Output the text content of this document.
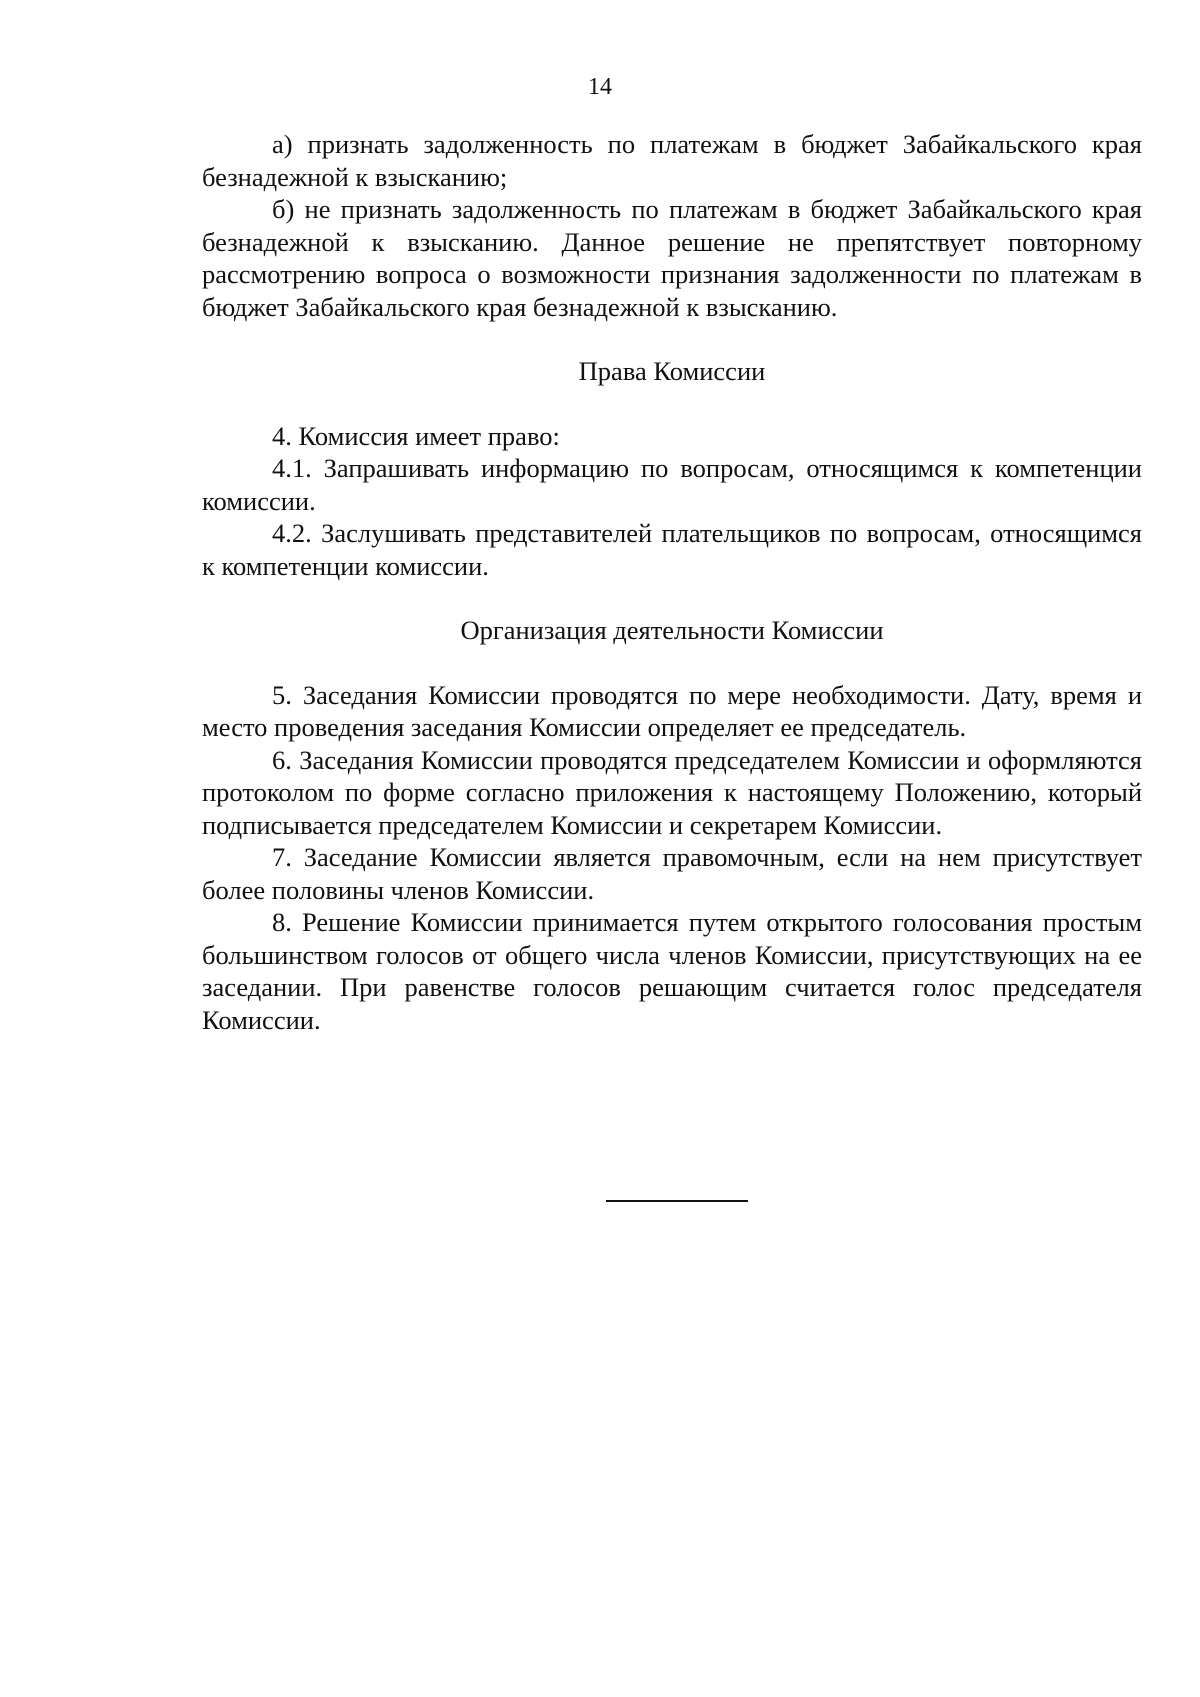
14

а) признать задолженность по платежам в бюджет Забайкальского края безнадежной к взысканию;

б) не признать задолженность по платежам в бюджет Забайкальского края безнадежной к взысканию. Данное решение не препятствует повторному рассмотрению вопроса о возможности признания задолженности по платежам в бюджет Забайкальского края безнадежной к взысканию.

Права Комиссии

4. Комиссия имеет право:

4.1. Запрашивать информацию по вопросам, относящимся к компетенции комиссии.

4.2. Заслушивать представителей плательщиков по вопросам, относящимся к компетенции комиссии.

Организация деятельности Комиссии

5. Заседания Комиссии проводятся по мере необходимости. Дату, время и место проведения заседания Комиссии определяет ее председатель.

6. Заседания Комиссии проводятся председателем Комиссии и оформляются протоколом по форме согласно приложения к настоящему Положению, который подписывается председателем Комиссии и секретарем Комиссии.

7. Заседание Комиссии является правомочным, если на нем присутствует более половины членов Комиссии.

8. Решение Комиссии принимается путем открытого голосования простым большинством голосов от общего числа членов Комиссии, присутствующих на ее заседании. При равенстве голосов решающим считается голос председателя Комиссии.
